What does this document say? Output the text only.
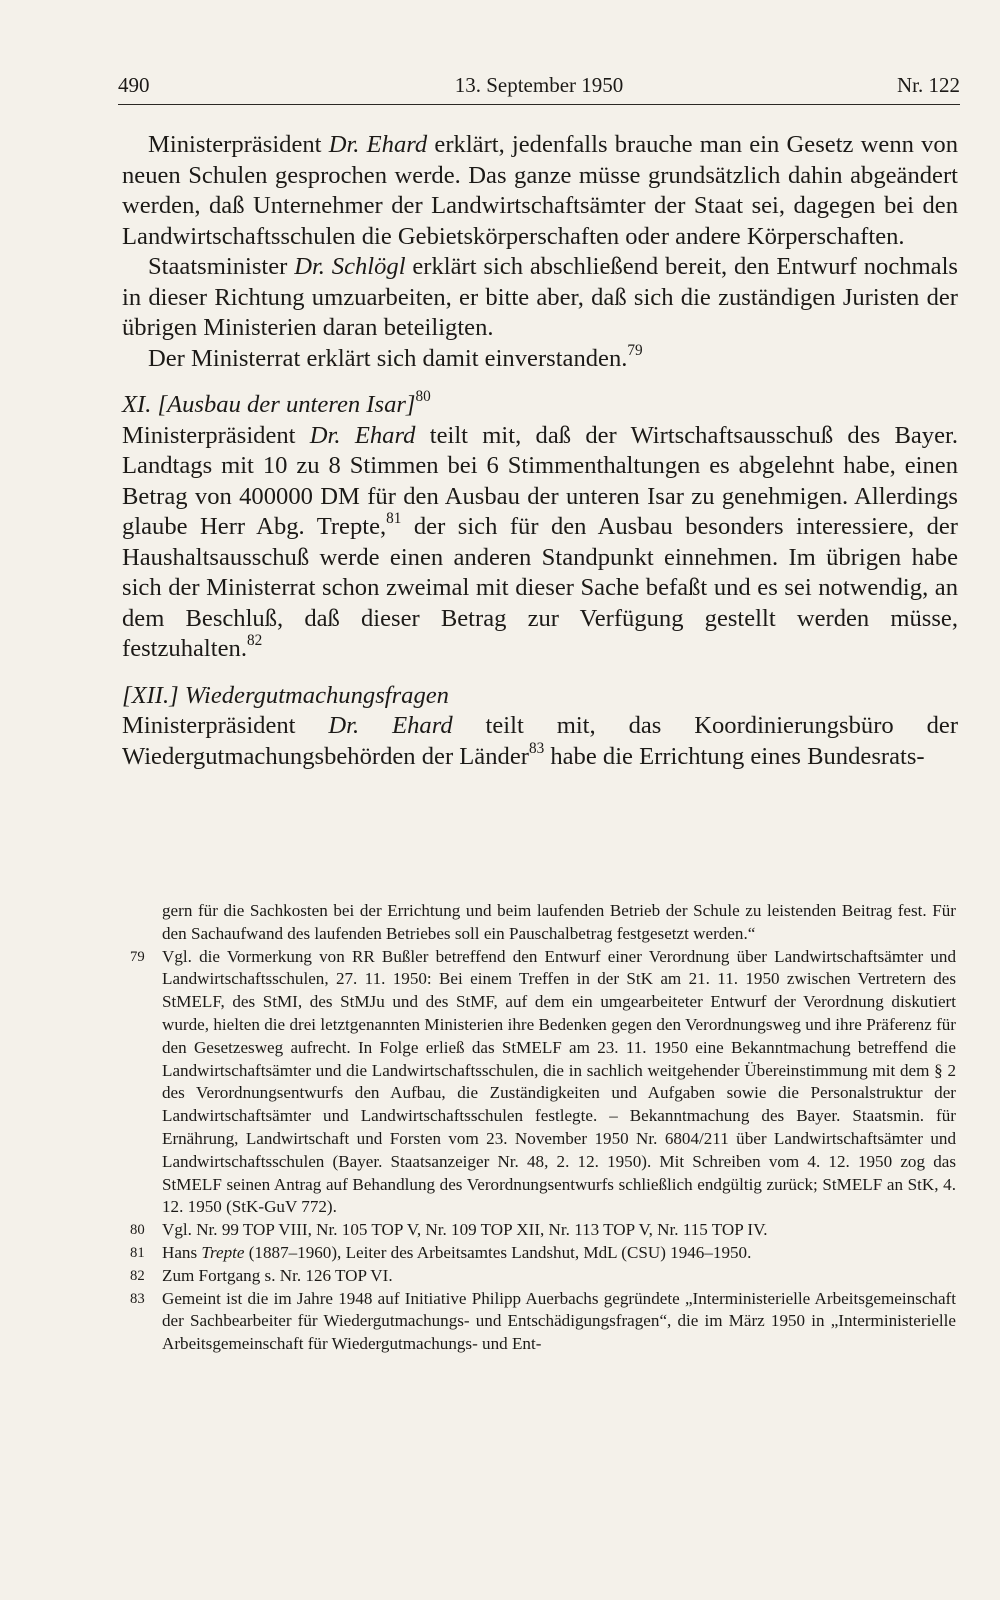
490	13. September 1950	Nr. 122

Ministerpräsident Dr. Ehard erklärt, jedenfalls brauche man ein Gesetz wenn von neuen Schulen gesprochen werde. Das ganze müsse grundsätzlich dahin abgeändert werden, daß Unternehmer der Landwirtschaftsämter der Staat sei, dagegen bei den Landwirtschaftsschulen die Gebietskörperschaften oder andere Körperschaften.

Staatsminister Dr. Schlögl erklärt sich abschließend bereit, den Entwurf nochmals in dieser Richtung umzuarbeiten, er bitte aber, daß sich die zuständigen Juristen der übrigen Ministerien daran beteiligten.

Der Ministerrat erklärt sich damit einverstanden.$^{79}$

XI. [Ausbau der unteren Isar]$^{80}$

Ministerpräsident Dr. Ehard teilt mit, daß der Wirtschaftsausschuß des Bayer. Landtags mit 10 zu 8 Stimmen bei 6 Stimmenthaltungen es abgelehnt habe, einen Betrag von 400000 DM für den Ausbau der unteren Isar zu genehmigen. Allerdings glaube Herr Abg. Trepte,$^{81}$ der sich für den Ausbau besonders interessiere, der Haushaltsausschuß werde einen anderen Standpunkt einnehmen. Im übrigen habe sich der Ministerrat schon zweimal mit dieser Sache befaßt und es sei notwendig, an dem Beschluß, daß dieser Betrag zur Verfügung gestellt werden müsse, festzuhalten.$^{82}$

[XII.] Wiedergutmachungsfragen

Ministerpräsident Dr. Ehard teilt mit, das Koordinierungsbüro der Wiedergutmachungsbehörden der Länder$^{83}$ habe die Errichtung eines Bundesrats-

gern für die Sachkosten bei der Errichtung und beim laufenden Betrieb der Schule zu leistenden Beitrag fest. Für den Sachaufwand des laufenden Betriebes soll ein Pauschalbetrag festgesetzt werden.“

79 Vgl. die Vormerkung von RR Bußler betreffend den Entwurf einer Verordnung über Landwirtschaftsämter und Landwirtschaftsschulen, 27. 11. 1950: Bei einem Treffen in der StK am 21. 11. 1950 zwischen Vertretern des StMELF, des StMI, des StMJu und des StMF, auf dem ein umgearbeiteter Entwurf der Verordnung diskutiert wurde, hielten die drei letztgenannten Ministerien ihre Bedenken gegen den Verordnungsweg und ihre Präferenz für den Gesetzesweg aufrecht. In Folge erließ das StMELF am 23. 11. 1950 eine Bekanntmachung betreffend die Landwirtschaftsämter und die Landwirtschaftsschulen, die in sachlich weitgehender Übereinstimmung mit dem § 2 des Verordnungsentwurfs den Aufbau, die Zuständigkeiten und Aufgaben sowie die Personalstruktur der Landwirtschaftsämter und Landwirtschaftsschulen festlegte. – Bekanntmachung des Bayer. Staatsmin. für Ernährung, Landwirtschaft und Forsten vom 23. November 1950 Nr. 6804/211 über Landwirtschaftsämter und Landwirtschaftsschulen (Bayer. Staatsanzeiger Nr. 48, 2. 12. 1950). Mit Schreiben vom 4. 12. 1950 zog das StMELF seinen Antrag auf Behandlung des Verordnungsentwurfs schließlich endgültig zurück; StMELF an StK, 4. 12. 1950 (StK-GuV 772).

80 Vgl. Nr. 99 TOP VIII, Nr. 105 TOP V, Nr. 109 TOP XII, Nr. 113 TOP V, Nr. 115 TOP IV.

81 Hans Trepte (1887–1960), Leiter des Arbeitsamtes Landshut, MdL (CSU) 1946–1950.

82 Zum Fortgang s. Nr. 126 TOP VI.

83 Gemeint ist die im Jahre 1948 auf Initiative Philipp Auerbachs gegründete „Interministerielle Arbeitsgemeinschaft der Sachbearbeiter für Wiedergutmachungs- und Entschädigungsfragen“, die im März 1950 in „Interministerielle Arbeitsgemeinschaft für Wiedergutmachungs- und Ent-
